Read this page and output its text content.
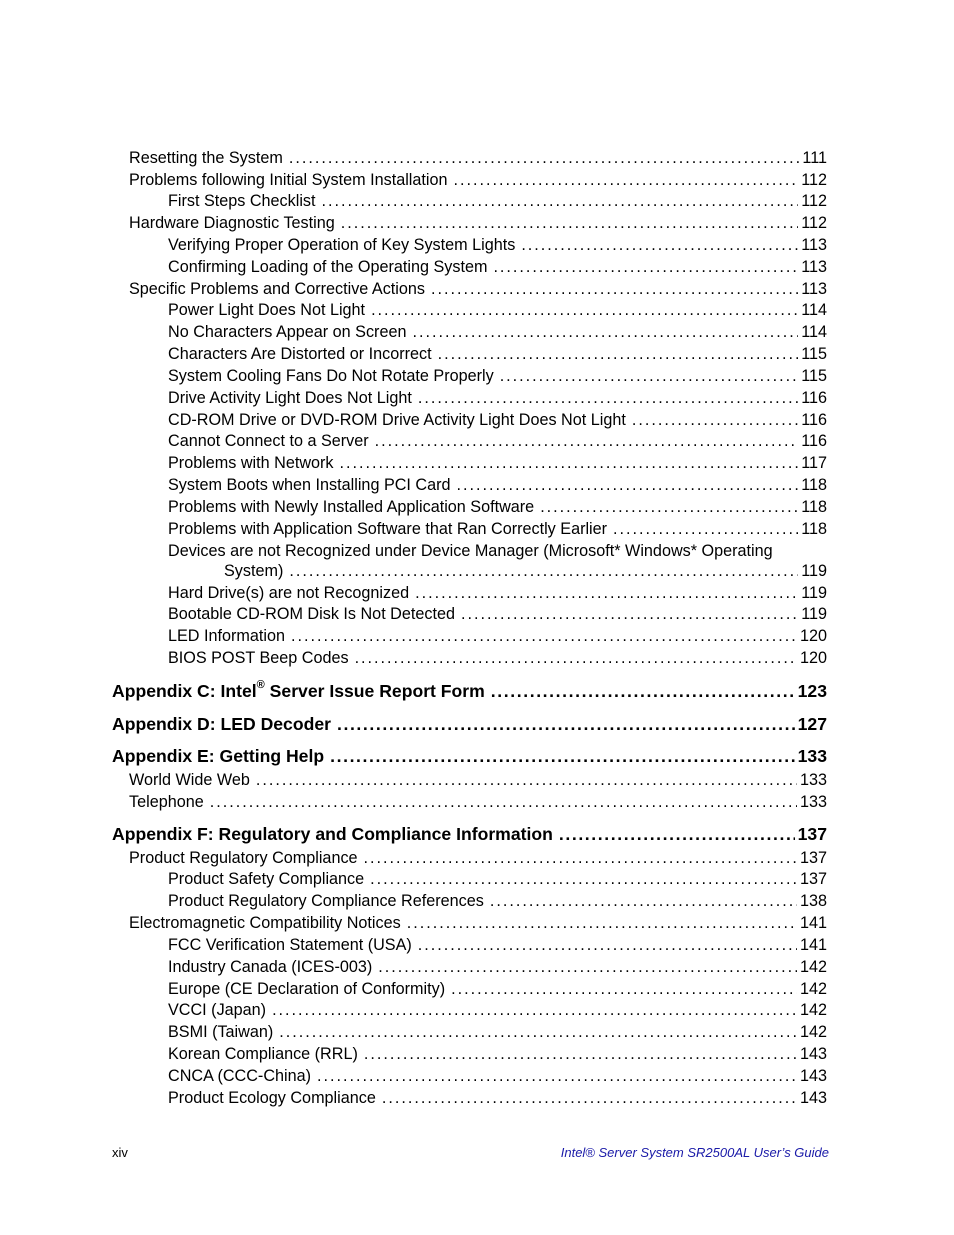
Resetting the System .....	111
Problems following Initial System Installation .....	112
First Steps Checklist .....	112
Hardware Diagnostic Testing .....	112
Verifying Proper Operation of Key System Lights .....	113
Confirming Loading of the Operating System .....	113
Specific Problems and Corrective Actions .....	113
Power Light Does Not Light .....	114
No Characters Appear on Screen .....	114
Characters Are Distorted or Incorrect .....	115
System Cooling Fans Do Not Rotate Properly .....	115
Drive Activity Light Does Not Light .....	116
CD-ROM Drive or DVD-ROM Drive Activity Light Does Not Light .....	116
Cannot Connect to a Server .....	116
Problems with Network .....	117
System Boots when Installing PCI Card .....	118
Problems with Newly Installed Application Software .....	118
Problems with Application Software that Ran Correctly Earlier .....	118
Devices are not Recognized under Device Manager (Microsoft* Windows* Operating
System) .....	119
Hard Drive(s) are not Recognized .....	119
Bootable CD-ROM Disk Is Not Detected .....	119
LED Information .....	120
BIOS POST Beep Codes .....	120
Appendix C: Intel® Server Issue Report Form .....	123
Appendix D: LED Decoder .....	127
Appendix E: Getting Help .....	133
World Wide Web .....	133
Telephone .....	133
Appendix F: Regulatory and Compliance Information .....	137
Product Regulatory Compliance .....	137
Product Safety Compliance .....	137
Product Regulatory Compliance References .....	138
Electromagnetic Compatibility Notices .....	141
FCC Verification Statement (USA) .....	141
Industry Canada (ICES-003) .....	142
Europe (CE Declaration of Conformity) .....	142
VCCI (Japan) .....	142
BSMI (Taiwan) .....	142
Korean Compliance (RRL) .....	143
CNCA (CCC-China) .....	143
Product Ecology Compliance .....	143
xiv	Intel® Server System SR2500AL User’s Guide
